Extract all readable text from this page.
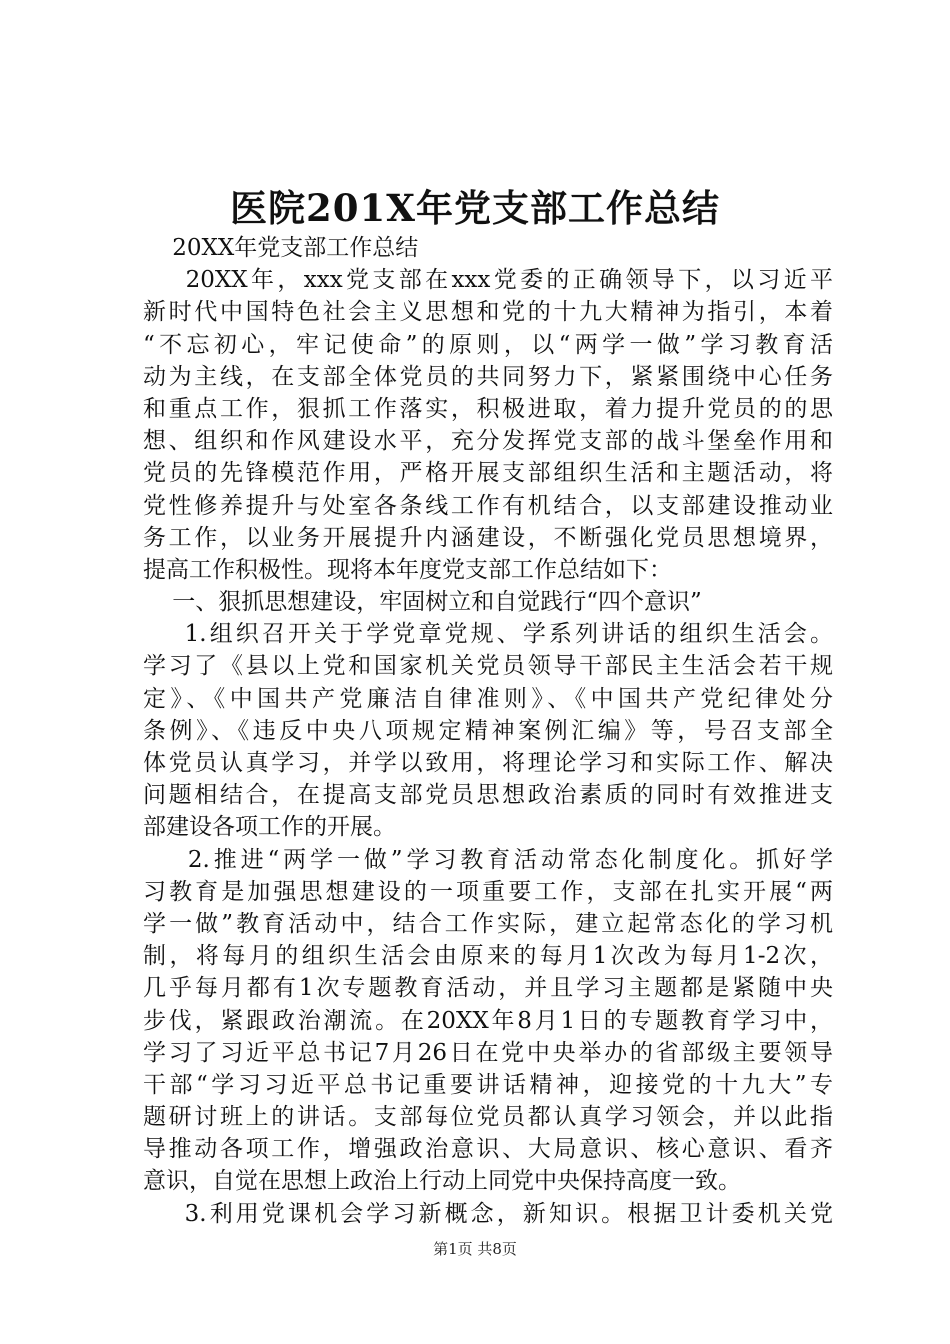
医院201X年党支部工作总结
20XX年党支部工作总结
20XX年，xxx党支部在xxx党委的正确领导下，以习近平
新时代中国特色社会主义思想和党的十九大精神为指引，本着
“不忘初心，牢记使命”的原则，以“两学一做”学习教育活
动为主线，在支部全体党员的共同努力下，紧紧围绕中心任务
和重点工作，狠抓工作落实，积极进取，着力提升党员的的思
想、组织和作风建设水平，充分发挥党支部的战斗堡垒作用和
党员的先锋模范作用，严格开展支部组织生活和主题活动，将
党性修养提升与处室各条线工作有机结合，以支部建设推动业
务工作，以业务开展提升内涵建设，不断强化党员思想境界，
提高工作积极性。现将本年度党支部工作总结如下：
一、狠抓思想建设，牢固树立和自觉践行“四个意识”
1.组织召开关于学党章党规、学系列讲话的组织生活会。
学习了《县以上党和国家机关党员领导干部民主生活会若干规
定》、《中国共产党廉洁自律准则》、《中国共产党纪律处分
条例》、《违反中央八项规定精神案例汇编》等，号召支部全
体党员认真学习，并学以致用，将理论学习和实际工作、解决
问题相结合，在提高支部党员思想政治素质的同时有效推进支
部建设各项工作的开展。
2.推进“两学一做”学习教育活动常态化制度化。抓好学
习教育是加强思想建设的一项重要工作，支部在扎实开展“两
学一做”教育活动中，结合工作实际，建立起常态化的学习机
制，将每月的组织生活会由原来的每月1次改为每月1-2次，
几乎每月都有1次专题教育活动，并且学习主题都是紧随中央
步伐，紧跟政治潮流。在20XX年8月1日的专题教育学习中，
学习了习近平总书记7月26日在党中央举办的省部级主要领导
干部“学习习近平总书记重要讲话精神，迎接党的十九大”专
题研讨班上的讲话。支部每位党员都认真学习领会，并以此指
导推动各项工作，增强政治意识、大局意识、核心意识、看齐
意识，自觉在思想上政治上行动上同党中央保持高度一致。
3.利用党课机会学习新概念，新知识。根据卫计委机关党
第1页 共8页
